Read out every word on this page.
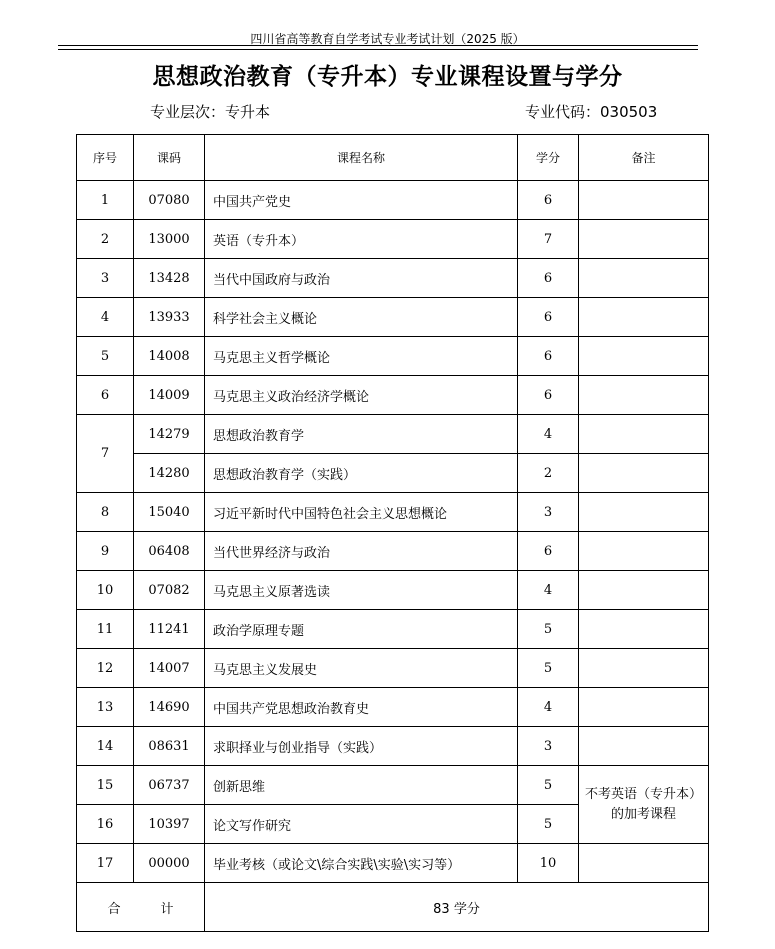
四川省高等教育自学考试专业考试计划（2025 版）
思想政治教育（专升本）专业课程设置与学分
专业层次：专升本	专业代码：030503
序号	课码	课程名称	学分	备注
1	07080	中国共产党史	6	
2	13000	英语（专升本）	7	
3	13428	当代中国政府与政治	6	
4	13933	科学社会主义概论	6	
5	14008	马克思主义哲学概论	6	
6	14009	马克思主义政治经济学概论	6	
7	14279	思想政治教育学	4	
	14280	思想政治教育学（实践）	2	
8	15040	习近平新时代中国特色社会主义思想概论	3	
9	06408	当代世界经济与政治	6	
10	07082	马克思主义原著选读	4	
11	11241	政治学原理专题	5	
12	14007	马克思主义发展史	5	
13	14690	中国共产党思想政治教育史	4	
14	08631	求职择业与创业指导（实践）	3	
15	06737	创新思维	5	不考英语（专升本）的加考课程
16	10397	论文写作研究	5	
17	00000	毕业考核（或论文\综合实践\实验\实习等）	10	
合 计		83 学分		
